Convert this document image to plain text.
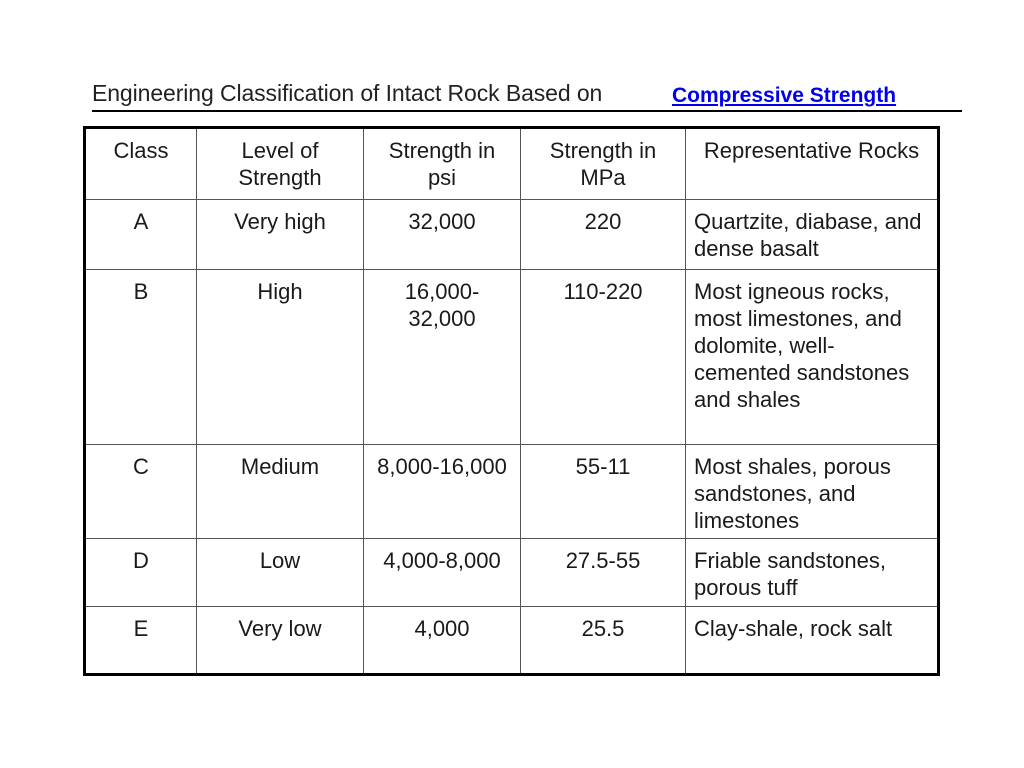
Engineering Classification of Intact Rock Based on	Compressive Strength
Class	Level of Strength	Strength in psi	Strength in MPa	Representative Rocks
A	Very high	32,000	220	Quartzite, diabase, and dense basalt
B	High	16,000-32,000	110-220	Most igneous rocks, most limestones, and dolomite, well-cemented sandstones and shales
C	Medium	8,000-16,000	55-11	Most shales, porous sandstones, and limestones
D	Low	4,000-8,000	27.5-55	Friable sandstones, porous tuff
E	Very low	4,000	25.5	Clay-shale, rock salt
